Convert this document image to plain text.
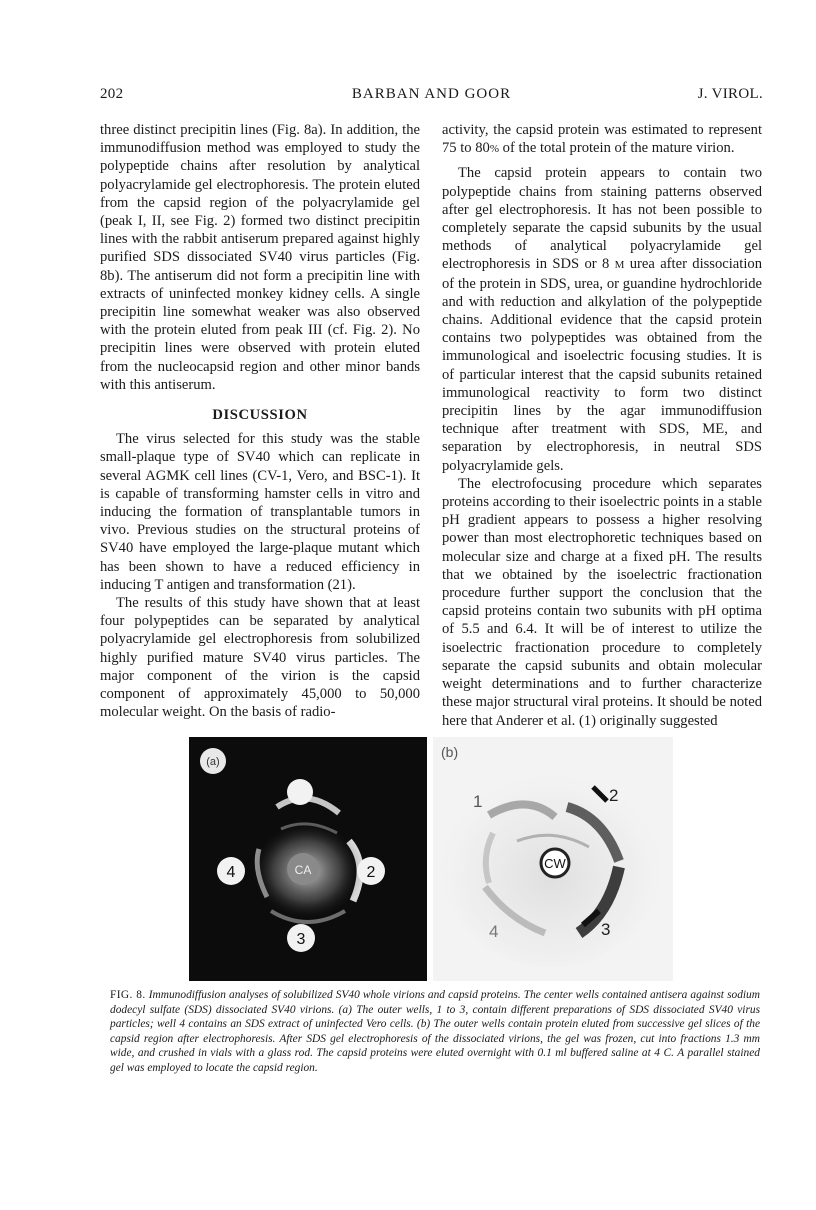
202	BARBAN AND GOOR	J. VIROL.

three distinct precipitin lines (Fig. 8a). In addition, the immunodiffusion method was employed to study the polypeptide chains after resolution by analytical polyacrylamide gel electrophoresis. The protein eluted from the capsid region of the polyacrylamide gel (peak I, II, see Fig. 2) formed two distinct precipitin lines with the rabbit antiserum prepared against highly purified SDS dissociated SV40 virus particles (Fig. 8b). The antiserum did not form a precipitin line with extracts of uninfected monkey kidney cells. A single precipitin line somewhat weaker was also observed with the protein eluted from peak III (cf. Fig. 2). No precipitin lines were observed with protein eluted from the nucleocapsid region and other minor bands with this antiserum.

DISCUSSION

The virus selected for this study was the stable small-plaque type of SV40 which can replicate in several AGMK cell lines (CV-1, Vero, and BSC-1). It is capable of transforming hamster cells in vitro and inducing the formation of transplantable tumors in vivo. Previous studies on the structural proteins of SV40 have employed the large-plaque mutant which has been shown to have a reduced efficiency in inducing T antigen and transformation (21).

The results of this study have shown that at least four polypeptides can be separated by analytical polyacrylamide gel electrophoresis from solubilized highly purified mature SV40 virus particles. The major component of the virion is the capsid component of approximately 45,000 to 50,000 molecular weight. On the basis of radio-

activity, the capsid protein was estimated to represent 75 to 80% of the total protein of the mature virion.

The capsid protein appears to contain two polypeptide chains from staining patterns observed after gel electrophoresis. It has not been possible to completely separate the capsid subunits by the usual methods of analytical polyacrylamide gel electrophoresis in SDS or 8 M urea after dissociation of the protein in SDS, urea, or guandine hydrochloride and with reduction and alkylation of the polypeptide chains. Additional evidence that the capsid protein contains two polypeptides was obtained from the immunological and isoelectric focusing studies. It is of particular interest that the capsid subunits retained immunological reactivity to form two distinct precipitin lines by the agar immunodiffusion technique after treatment with SDS, ME, and separation by electrophoresis, in neutral SDS polyacrylamide gels.

The electrofocusing procedure which separates proteins according to their isoelectric points in a stable pH gradient appears to possess a higher resolving power than most electrophoretic techniques based on molecular size and charge at a fixed pH. The results that we obtained by the isoelectric fractionation procedure further support the conclusion that the capsid proteins contain two subunits with pH optima of 5.5 and 6.4. It will be of interest to utilize the isoelectric fractionation procedure to completely separate the capsid subunits and obtain molecular weight determinations and to further characterize these major structural viral proteins. It should be noted here that Anderer et al. (1) originally suggested

(a)
CA
4	2
3
(b)
CW
1	2
3
4
FIG. 8. Immunodiffusion analyses of solubilized SV40 whole virions and capsid proteins. The center wells contained antisera against sodium dodecyl sulfate (SDS) dissociated SV40 virions. (a) The outer wells, 1 to 3, contain different preparations of SDS dissociated SV40 virus particles; well 4 contains an SDS extract of uninfected Vero cells. (b) The outer wells contain protein eluted from successive gel slices of the capsid region after electrophoresis. After SDS gel electrophoresis of the dissociated virions, the gel was frozen, cut into fractions 1.3 mm wide, and crushed in vials with a glass rod. The capsid proteins were eluted overnight with 0.1 ml buffered saline at 4 C. A parallel stained gel was employed to locate the capsid region.
